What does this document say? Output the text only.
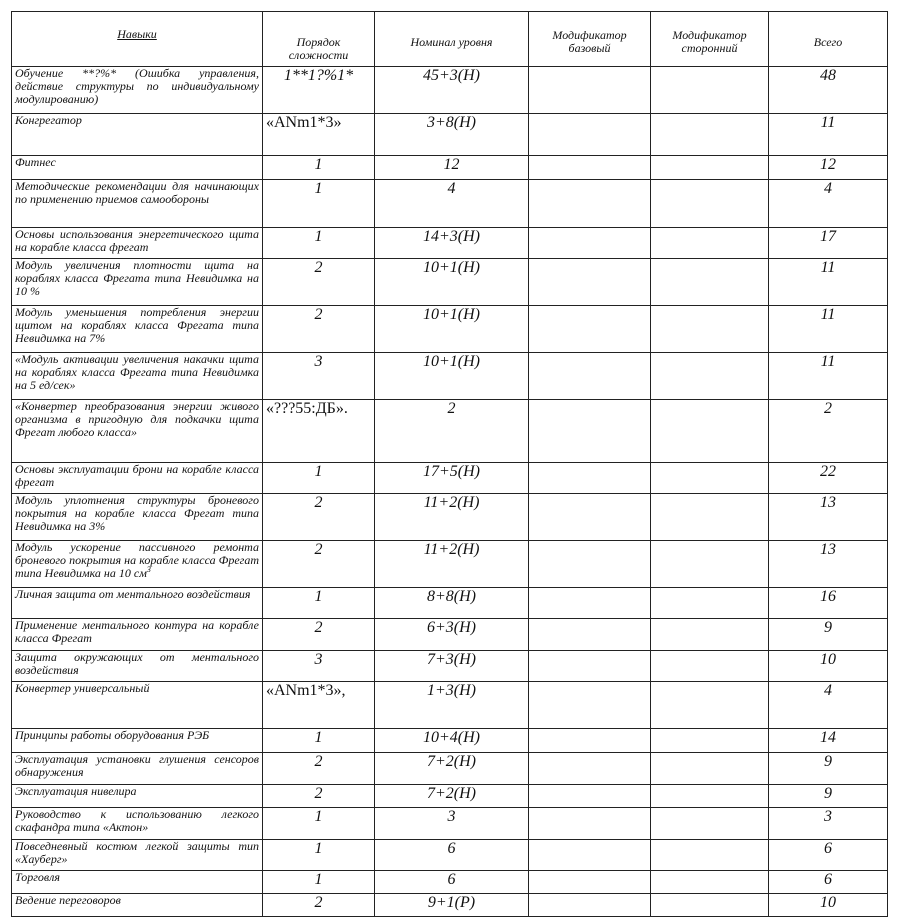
Навыки	Порядок сложности	Номинал уровня	Модификатор базовый	Модификатор сторонний	Всего
Обучение **?%* (Ошибка управления, действие структуры по индивидуальному модулированию)	1**1?%1*	45+3(Н)			48
Конгрегатор	«ANm1*3»	3+8(Н)			11
Фитнес	1	12			12
Методические рекомендации для начинающих по применению приемов самообороны	1	4			4
Основы использования энергетического щита на корабле класса фрегат	1	14+3(Н)			17
Модуль увеличения плотности щита на кораблях класса Фрегата типа Невидимка на 10 %	2	10+1(Н)			11
Модуль уменьшения потребления энергии щитом на кораблях класса Фрегата типа Невидимка на 7%	2	10+1(Н)			11
«Модуль активации увеличения накачки щита на кораблях класса Фрегата типа Невидимка на 5 ед/сек»	3	10+1(Н)			11
«Конвертер преобразования энергии живого организма в пригодную для подкачки щита Фрегат любого класса»	«???55:ДБ».	2			2
Основы эксплуатации брони на корабле класса фрегат	1	17+5(Н)			22
Модуль уплотнения структуры броневого покрытия на корабле класса Фрегат типа Невидимка на 3%	2	11+2(Н)			13
Модуль ускорение пассивного ремонта броневого покрытия на корабле класса Фрегат типа Невидимка на 10 $см^3$	2	11+2(Н)			13
Личная защита от ментального воздействия	1	8+8(Н)			16
Применение ментального контура на корабле класса Фрегат	2	6+3(Н)			9
Защита окружающих от ментального воздействия	3	7+3(Н)			10
Конвертер универсальный	«ANm1*3»,	1+3(Н)			4
Принципы работы оборудования РЭБ	1	10+4(Н)			14
Эксплуатация установки глушения сенсоров обнаружения	2	7+2(Н)			9
Эксплуатация нивелира	2	7+2(Н)			9
Руководство к использованию легкого скафандра типа «Актон»	1	3			3
Повседневный костюм легкой защиты тип «Хауберг»	1	6			6
Торговля	1	6			6
Ведение переговоров	2	9+1(Р)			10
